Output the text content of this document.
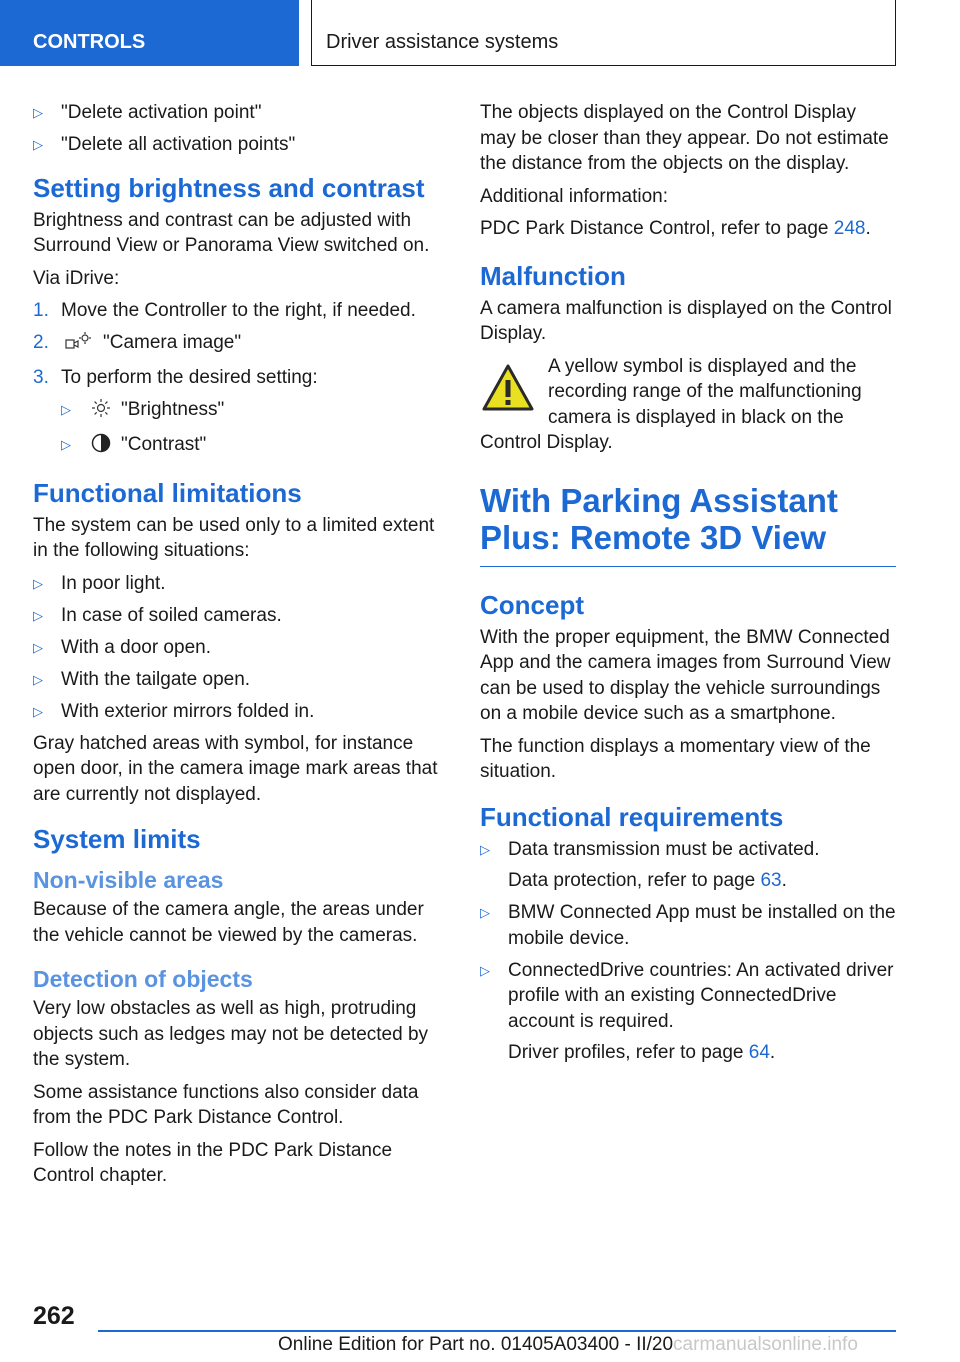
CONTROLS	Driver assistance systems
▷ "Delete activation point"
▷ "Delete all activation points"
Setting brightness and contrast

Brightness and contrast can be adjusted with Surround View or Panorama View switched on.

Via iDrive:

1. Move the Controller to the right, if needed.
2.	"Camera image"
3. To perform the desired setting:
▷	"Brightness"
▷	"Contrast"
Functional limitations

The system can be used only to a limited extent in the following situations:

▷ In poor light.
▷ In case of soiled cameras.
▷ With a door open.
▷ With the tailgate open.
▷ With exterior mirrors folded in.

Gray hatched areas with symbol, for instance open door, in the camera image mark areas that are currently not displayed.

System limits
Non-visible areas

Because of the camera angle, the areas under the vehicle cannot be viewed by the cameras.

Detection of objects

Very low obstacles as well as high, protruding objects such as ledges may not be detected by the system.

Some assistance functions also consider data from the PDC Park Distance Control.

Follow the notes in the PDC Park Distance Control chapter.

The objects displayed on the Control Display may be closer than they appear. Do not estimate the distance from the objects on the display.

Additional information:

PDC Park Distance Control, refer to page 248.

Malfunction

A camera malfunction is displayed on the Control Display.

A yellow symbol is displayed and the recording range of the malfunctioning camera is displayed in black on the Control Display.

With Parking Assistant Plus: Remote 3D View
Concept

With the proper equipment, the BMW Connected App and the camera images from Surround View can be used to display the vehicle surroundings on a mobile device such as a smartphone.

The function displays a momentary view of the situation.

Functional requirements
▷ Data transmission must be activated.
Data protection, refer to page 63.
▷ BMW Connected App must be installed on the mobile device.
▷ ConnectedDrive countries: An activated driver profile with an existing ConnectedDrive account is required.
Driver profiles, refer to page 64.
262
Online Edition for Part no. 01405A03400 - II/20carmanualsonline.info
